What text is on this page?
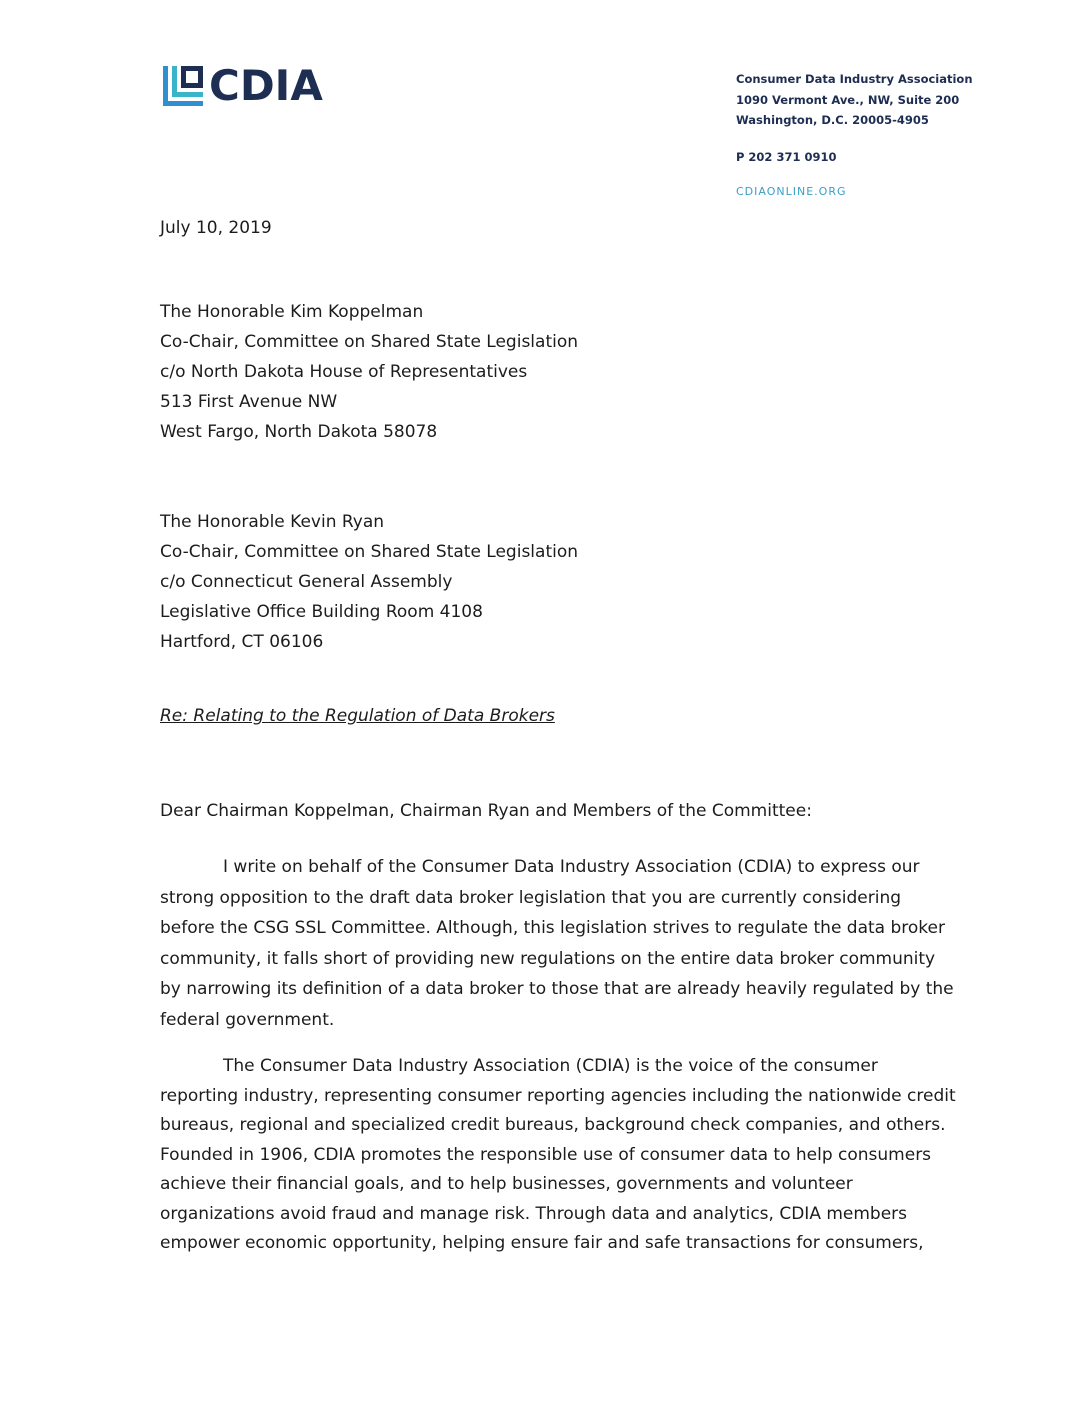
CDIA	Consumer Data Industry Association
1090 Vermont Ave., NW, Suite 200
Washington, D.C. 20005-4905
P 202 371 0910
CDIAONLINE.ORG
July 10, 2019
The Honorable Kim Koppelman
Co-Chair, Committee on Shared State Legislation
c/o North Dakota House of Representatives
513 First Avenue NW
West Fargo, North Dakota 58078
The Honorable Kevin Ryan
Co-Chair, Committee on Shared State Legislation
c/o Connecticut General Assembly
Legislative Office Building Room 4108
Hartford, CT 06106
Re: Relating to the Regulation of Data Brokers
Dear Chairman Koppelman, Chairman Ryan and Members of the Committee:
I write on behalf of the Consumer Data Industry Association (CDIA) to express our strong opposition to the draft data broker legislation that you are currently considering before the CSG SSL Committee. Although, this legislation strives to regulate the data broker community, it falls short of providing new regulations on the entire data broker community by narrowing its definition of a data broker to those that are already heavily regulated by the federal government.
The Consumer Data Industry Association (CDIA) is the voice of the consumer reporting industry, representing consumer reporting agencies including the nationwide credit bureaus, regional and specialized credit bureaus, background check companies, and others. Founded in 1906, CDIA promotes the responsible use of consumer data to help consumers achieve their financial goals, and to help businesses, governments and volunteer organizations avoid fraud and manage risk. Through data and analytics, CDIA members empower economic opportunity, helping ensure fair and safe transactions for consumers,
